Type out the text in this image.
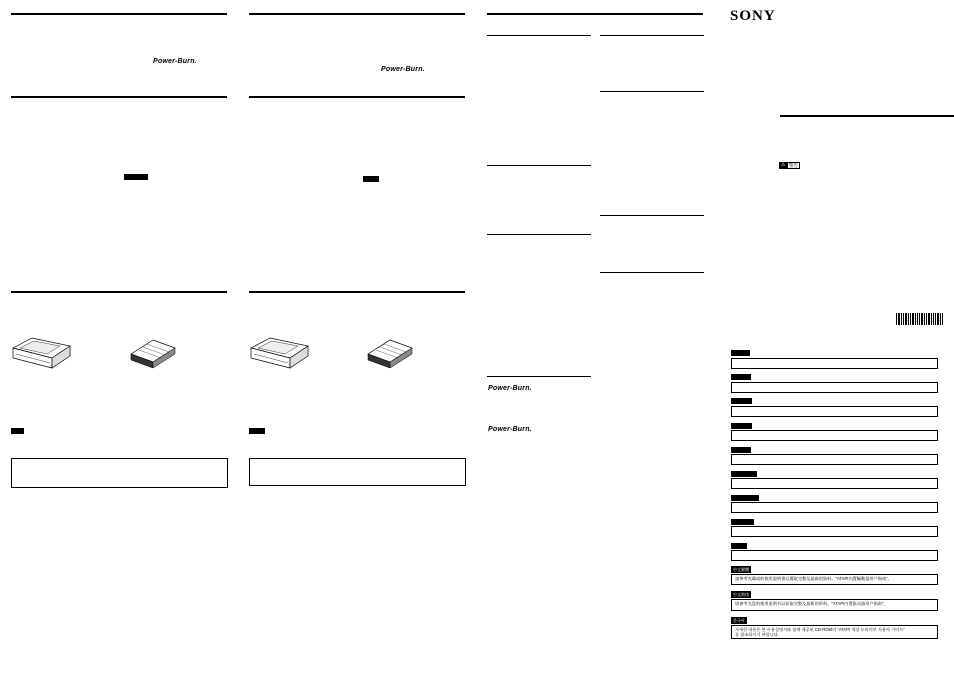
Power-Burn.
Power-Burn.
Power-Burn.
Power-Burn.
SONY
⚠ 警告
中文繁體
請參考光碟或的使用說明書以獲取完整及最新的資料。"ATAPI內置驅動器用戶指南"。
中文简体
请参考光盘的使用说明书以获取完整及最新的资料。"ATAPI内置驱动器用户指南"。
한국어
자세한 내용은 본 사용설명서와 함께 제공된 CD-ROM의 "ATAPI 내장 드라이브 사용자 가이드"
를 참조하시기 바랍니다.
